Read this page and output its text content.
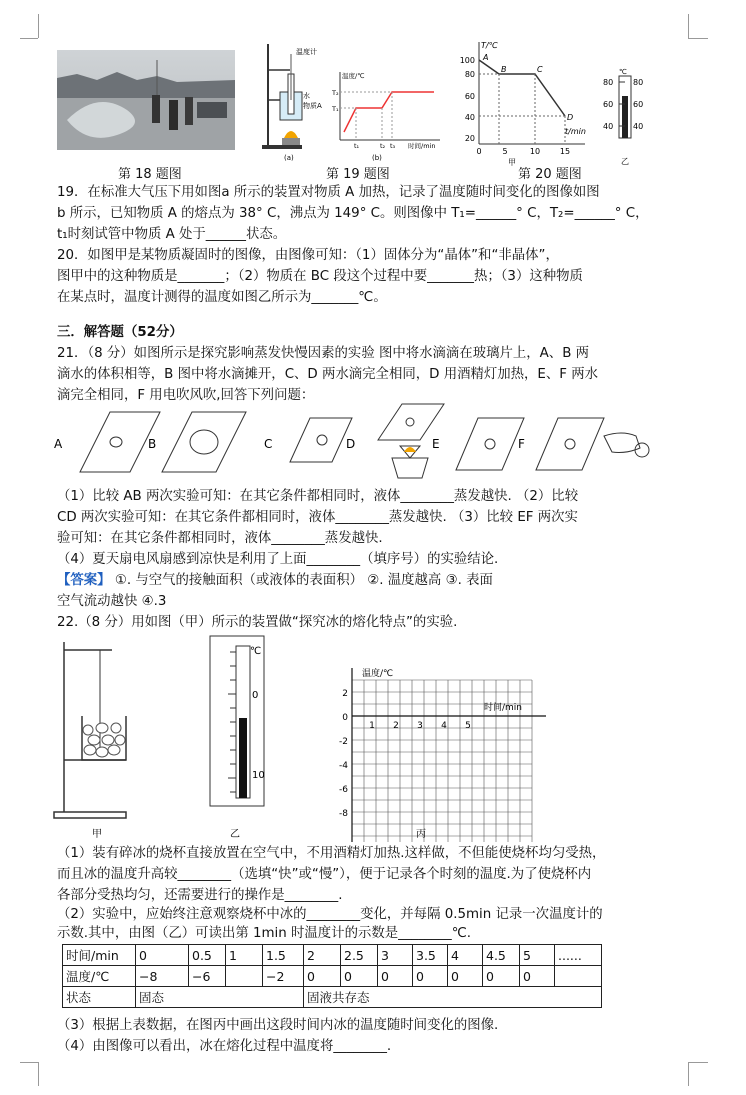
第 18 题图
温度计
水
物质A
(a)
温度/℃
时间/min
T₂
T₁
t₁	t₂ t₃
(b)
第 19 题图
T/℃
t/min
100
80
60
40
20
0	5	10 15
A
B	C
D
℃
80
60
40
80
60
40
甲	乙
第 20 题图
19．在标准大气压下用如图a 所示的装置对物质 A 加热，记录了温度随时间变化的图像如图
b 所示，已知物质 A 的熔点为 38° C，沸点为 149° C。则图像中 T₁=______° C，T₂=______° C，
t₁时刻试管中物质 A 处于______状态。
20．如图甲是某物质凝固时的图像，由图像可知：（1）固体分为“晶体”和“非晶体”，
图甲中的这种物质是_______；（2）物质在 BC 段这个过程中要_______热；（3）这种物质
在某点时，温度计测得的温度如图乙所示为_______℃。
三．解答题（52分）
21．（8 分）如图所示是探究影响蒸发快慢因素的实验 图中将水滴滴在玻璃片上，A、B 两
滴水的体积相等，B 图中将水滴摊开，C、D 两水滴完全相同，D 用酒精灯加热，E、F 两水
滴完全相同，F 用电吹风吹,回答下列问题：
A	B	C	D	E	F
（1）比较 AB 两次实验可知：在其它条件都相同时，液体________蒸发越快. （2）比较
CD 两次实验可知：在其它条件都相同时，液体________蒸发越快. （3）比较 EF 两次实
验可知：在其它条件都相同时，液体________蒸发越快.
（4）夏天扇电风扇感到凉快是利用了上面________（填序号）的实验结论.
【答案】 ①. 与空气的接触面积（或液体的表面积） ②. 温度越高 ③. 表面
空气流动越快 ④.3
22.（8 分）用如图（甲）所示的装置做“探究冰的熔化特点”的实验.
甲
℃
0
10
乙
温度/℃
时间/min
2
0
-2
-4
-6
-8
1 2 3 4 5
丙
（1）装有碎冰的烧杯直接放置在空气中，不用酒精灯加热.这样做，不但能使烧杯均匀受热，
而且冰的温度升高较________（选填“快”或“慢”），便于记录各个时刻的温度.为了使烧杯内
各部分受热均匀，还需要进行的操作是________.
（2）实验中，应始终注意观察烧杯中冰的________变化，并每隔 0.5min 记录一次温度计的
示数.其中，由图（乙）可读出第 1min 时温度计的示数是________℃.
时间/min	0	0.5	1	1.5	2	2.5	3	3.5	4	4.5	5	......
温度/℃	−8	−6		−2	0	0	0	0	0	0	0	
状态	固态				固液共存态							
（3）根据上表数据，在图丙中画出这段时间内冰的温度随时间变化的图像.
（4）由图像可以看出，冰在熔化过程中温度将________.
